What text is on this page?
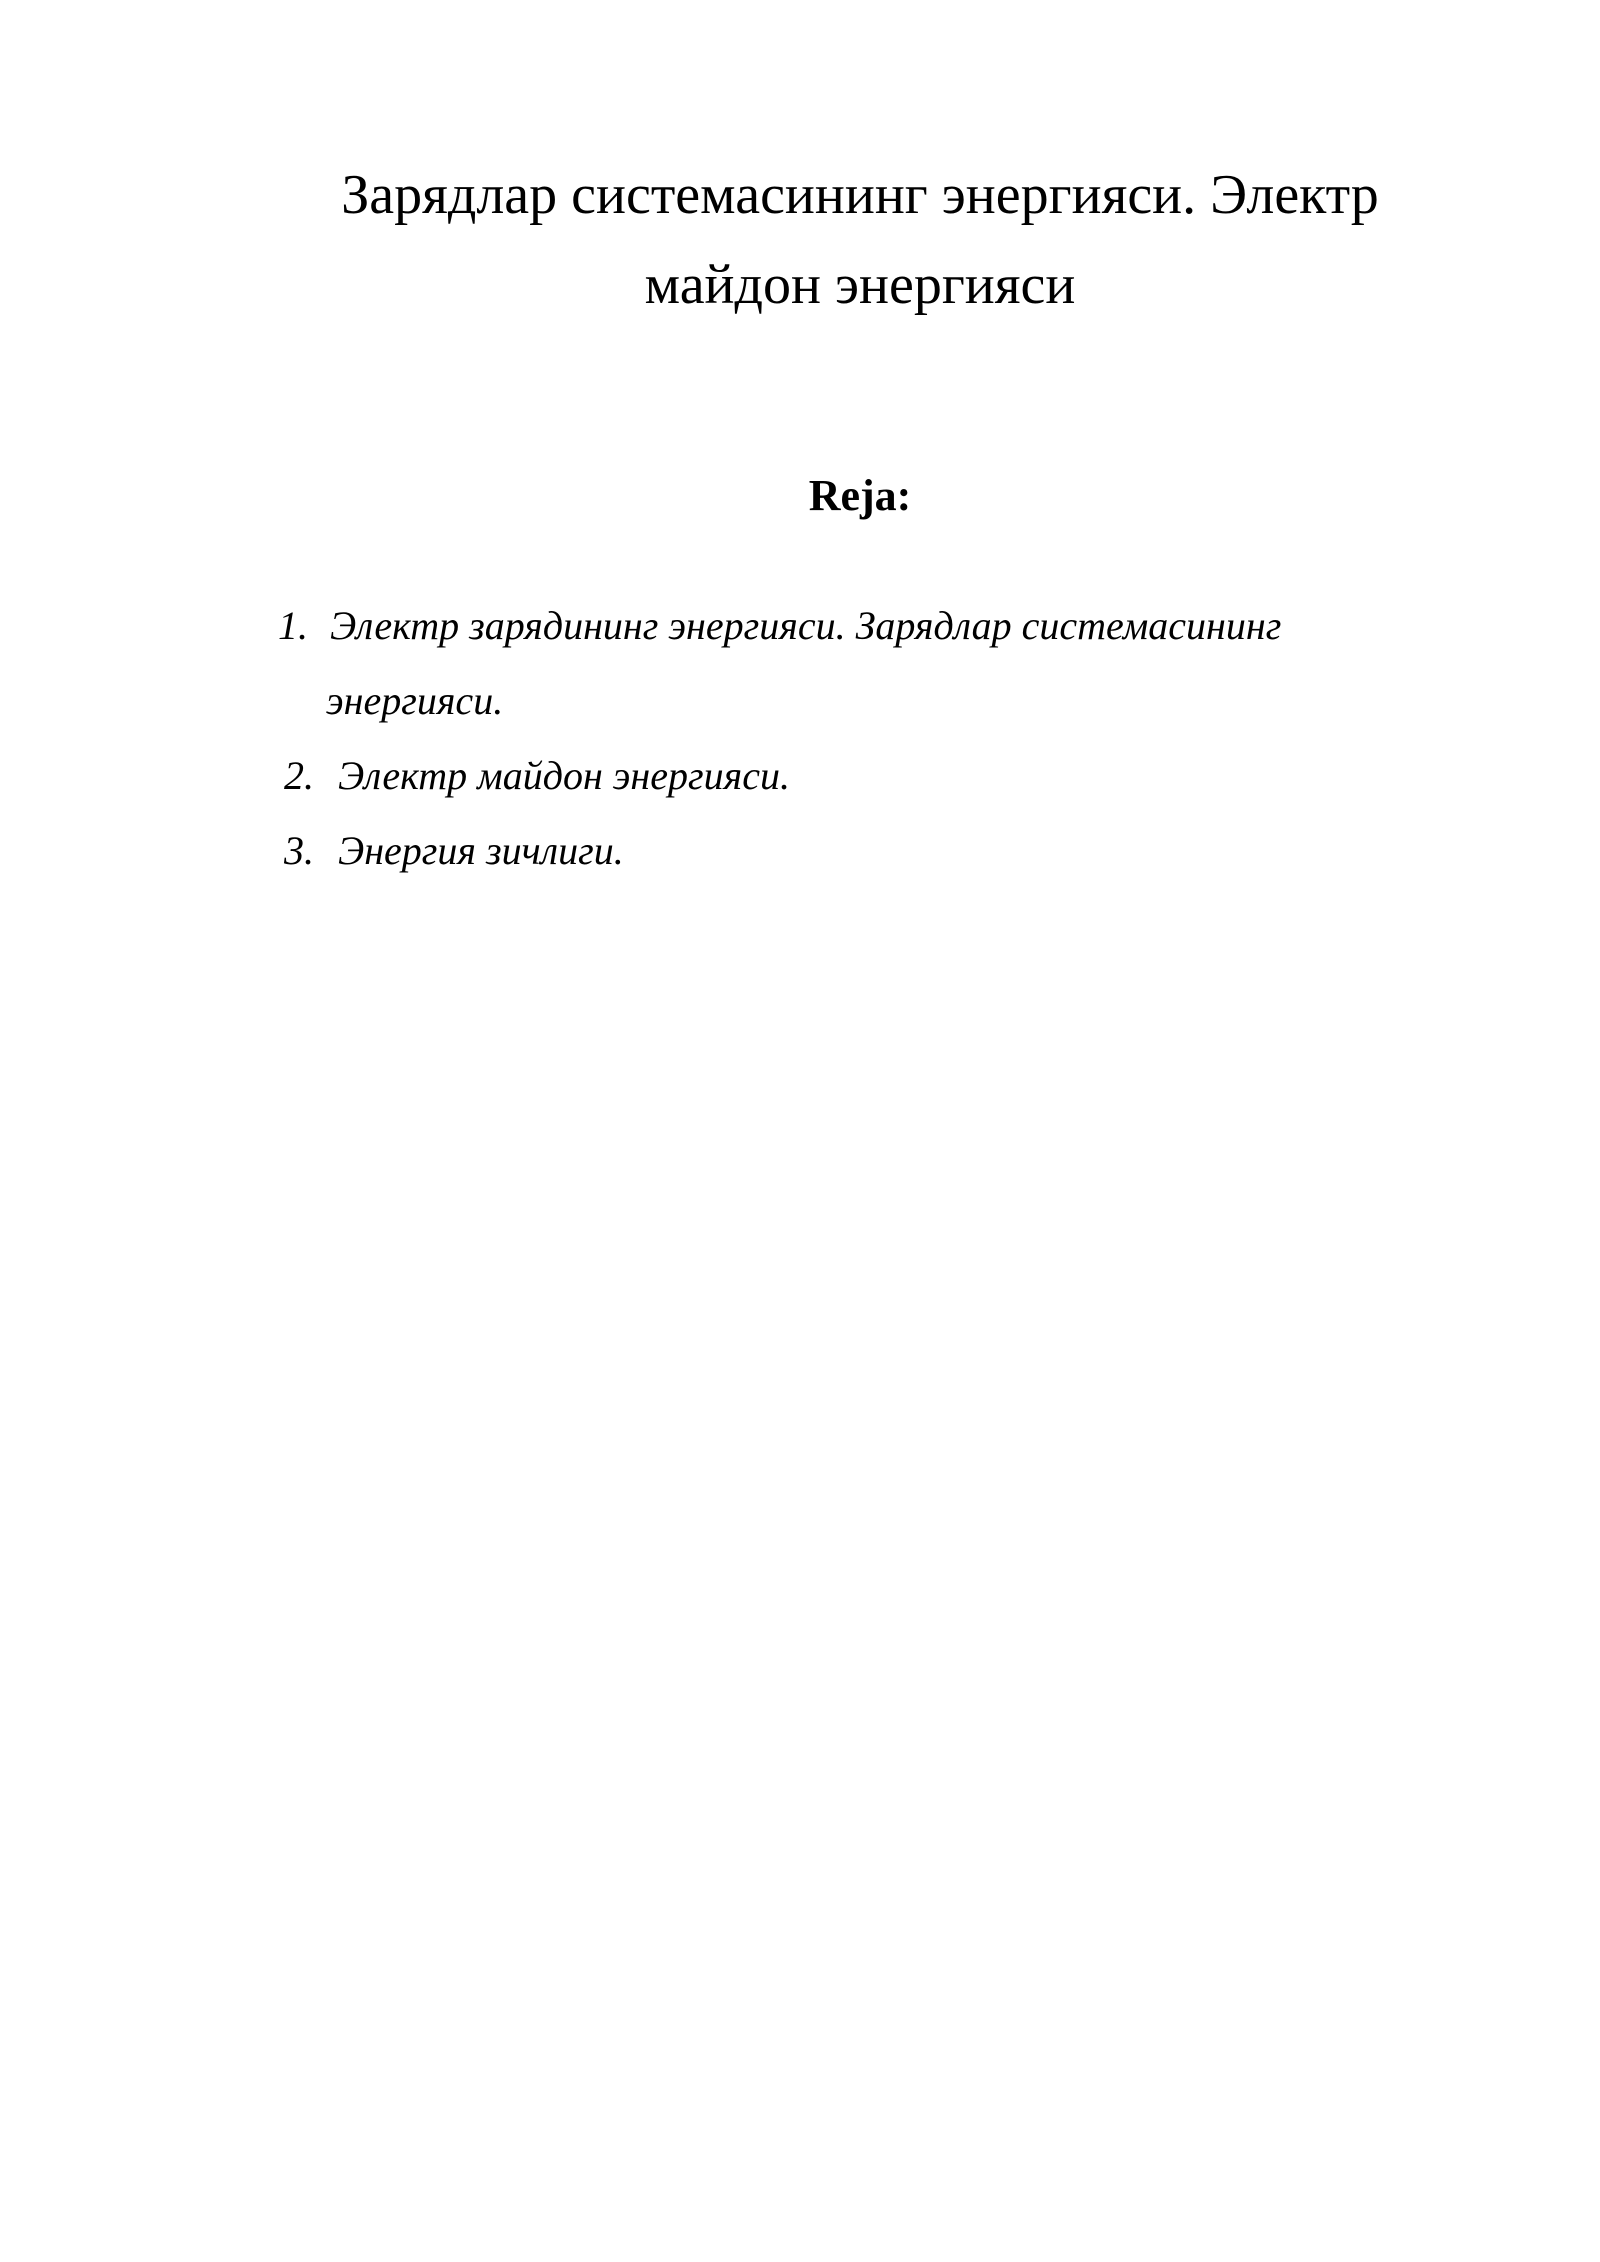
Зарядлар системасининг энергияси. Электр майдон энергияси
Reja:
1. Электр зарядининг энергияси. Зарядлар системасининг
энергияси.
2. Электр майдон энергияси.
3. Энергия зичлиги.
